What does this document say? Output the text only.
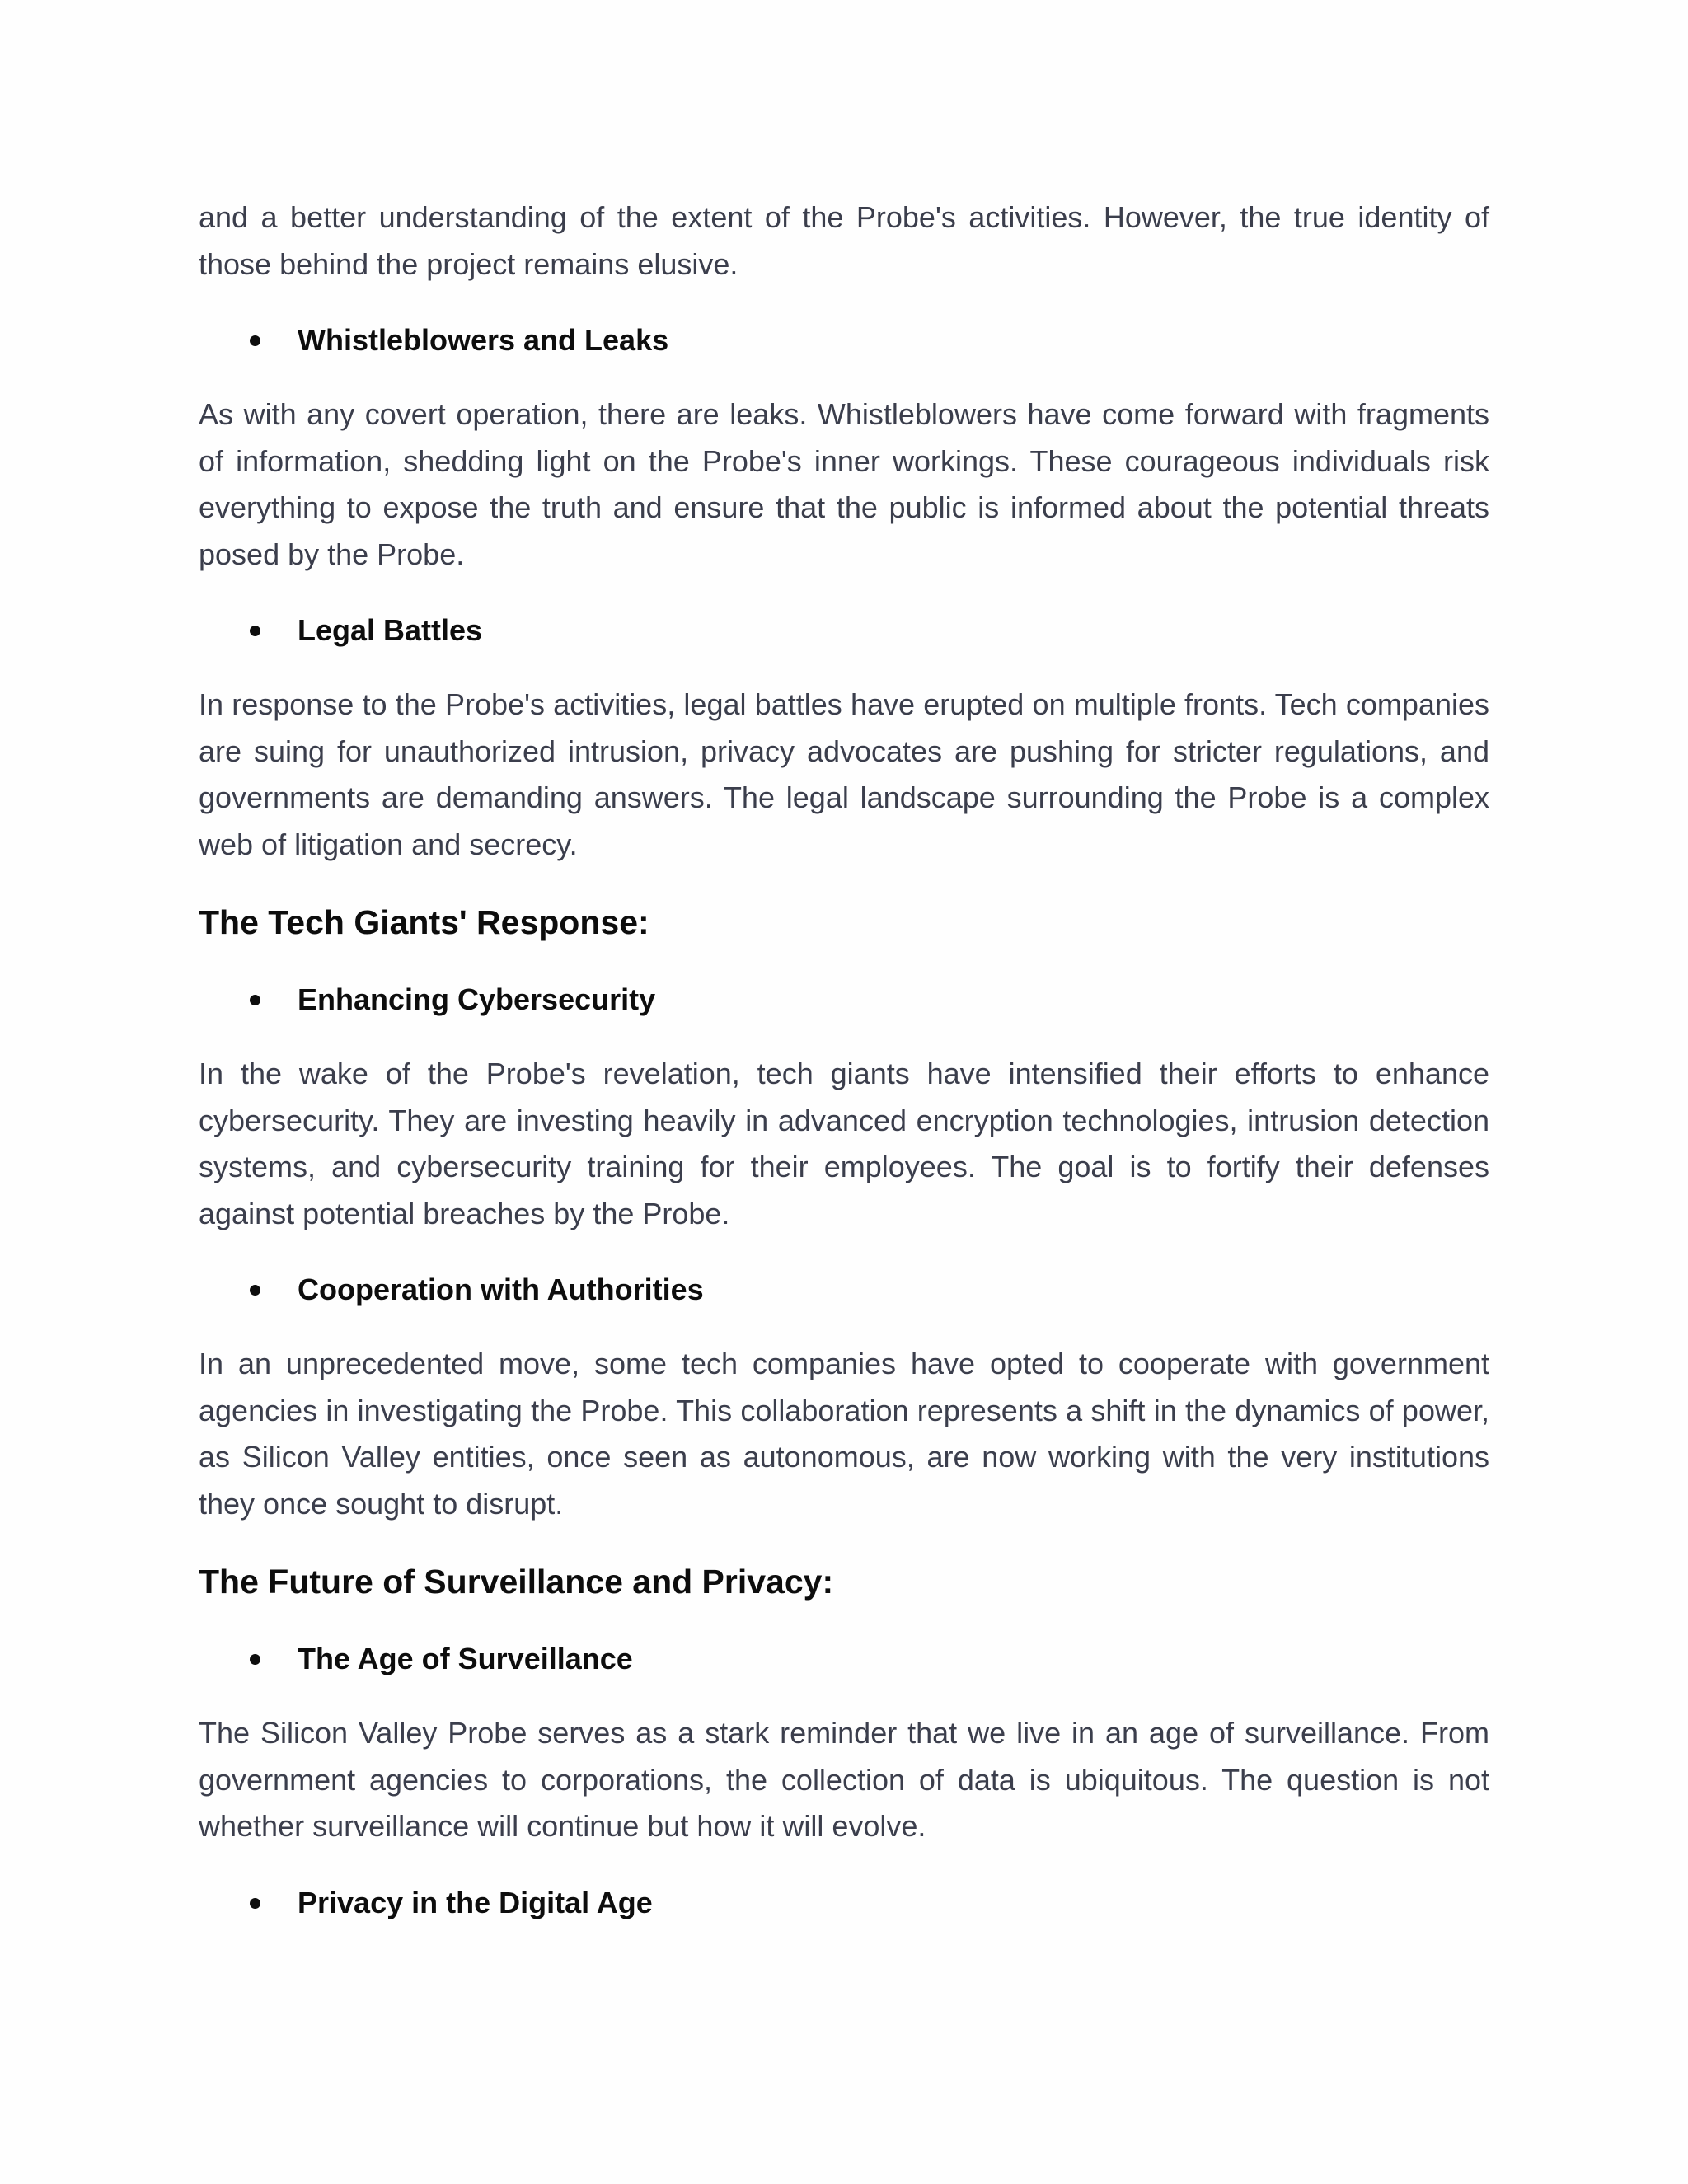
and a better understanding of the extent of the Probe's activities. However, the true identity of those behind the project remains elusive.

Whistleblowers and Leaks

As with any covert operation, there are leaks. Whistleblowers have come forward with fragments of information, shedding light on the Probe's inner workings. These courageous individuals risk everything to expose the truth and ensure that the public is informed about the potential threats posed by the Probe.

Legal Battles

In response to the Probe's activities, legal battles have erupted on multiple fronts. Tech companies are suing for unauthorized intrusion, privacy advocates are pushing for stricter regulations, and governments are demanding answers. The legal landscape surrounding the Probe is a complex web of litigation and secrecy.

The Tech Giants' Response:
Enhancing Cybersecurity

In the wake of the Probe's revelation, tech giants have intensified their efforts to enhance cybersecurity. They are investing heavily in advanced encryption technologies, intrusion detection systems, and cybersecurity training for their employees. The goal is to fortify their defenses against potential breaches by the Probe.

Cooperation with Authorities

In an unprecedented move, some tech companies have opted to cooperate with government agencies in investigating the Probe. This collaboration represents a shift in the dynamics of power, as Silicon Valley entities, once seen as autonomous, are now working with the very institutions they once sought to disrupt.

The Future of Surveillance and Privacy:
The Age of Surveillance

The Silicon Valley Probe serves as a stark reminder that we live in an age of surveillance. From government agencies to corporations, the collection of data is ubiquitous. The question is not whether surveillance will continue but how it will evolve.

Privacy in the Digital Age
